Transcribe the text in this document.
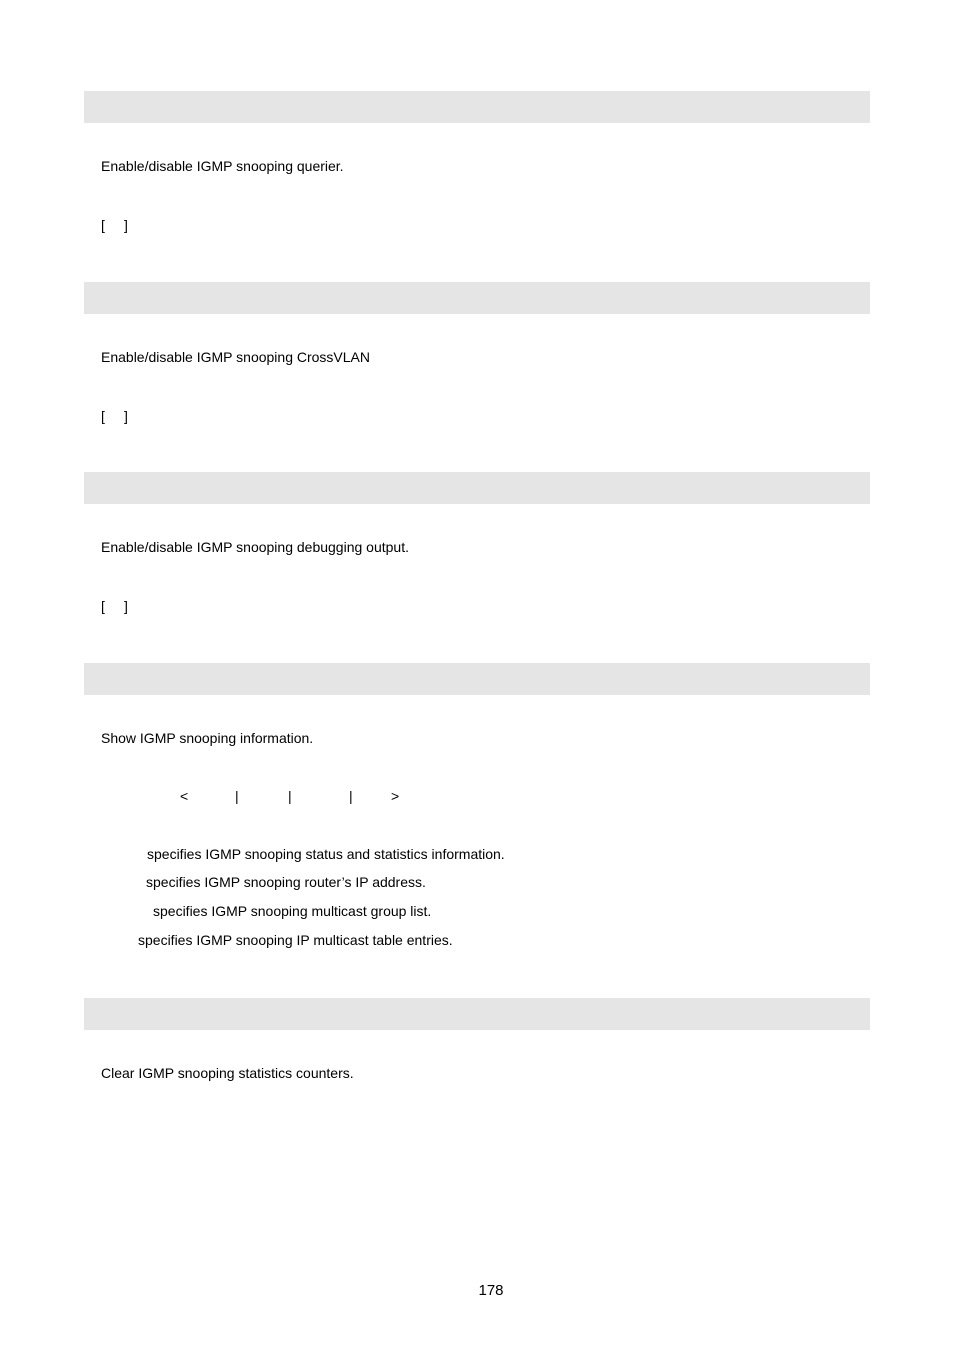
Enable/disable IGMP snooping querier.
[ ]
Enable/disable IGMP snooping CrossVLAN
[ ]
Enable/disable IGMP snooping debugging output.
[ ]
Show IGMP snooping information.
<	|	|	|	>
specifies IGMP snooping status and statistics information.
specifies IGMP snooping router’s IP address.
specifies IGMP snooping multicast group list.
specifies IGMP snooping IP multicast table entries.
Clear IGMP snooping statistics counters.
178
